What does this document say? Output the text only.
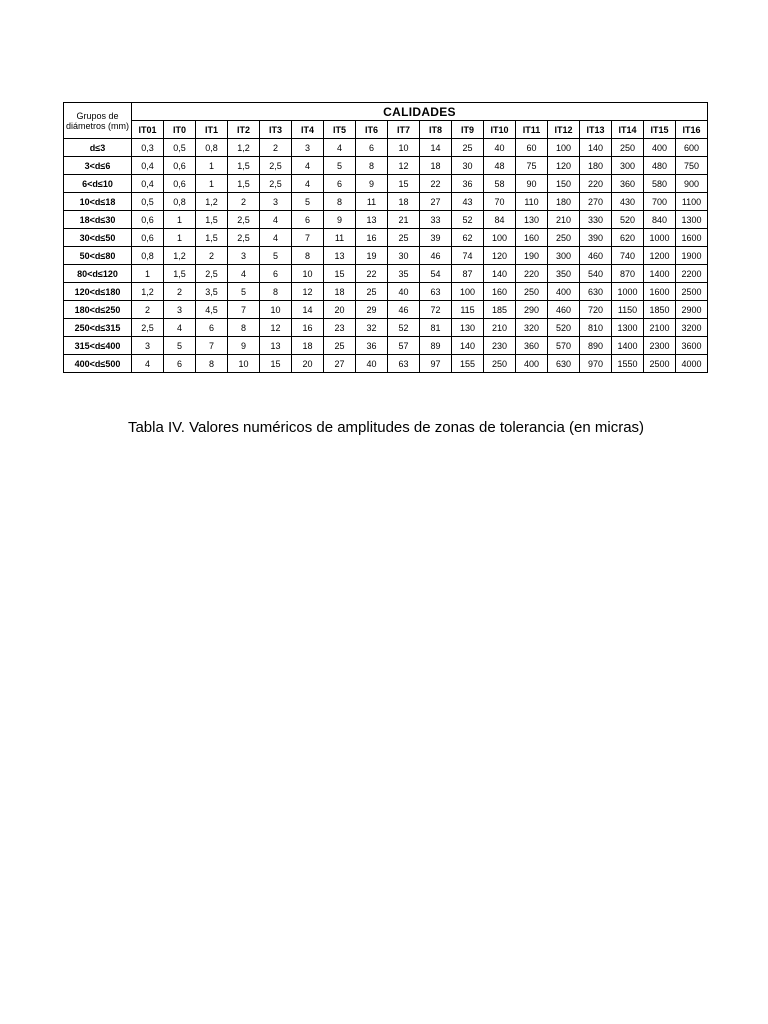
Grupos de diámetros (mm)	CALIDADES																	
	IT01	IT0	IT1	IT2	IT3	IT4	IT5	IT6	IT7	IT8	IT9	IT10	IT11	IT12	IT13	IT14	IT15	IT16
d≤3	0,3	0,5	0,8	1,2	2	3	4	6	10	14	25	40	60	100	140	250	400	600
3<d≤6	0,4	0,6	1	1,5	2,5	4	5	8	12	18	30	48	75	120	180	300	480	750
6<d≤10	0,4	0,6	1	1,5	2,5	4	6	9	15	22	36	58	90	150	220	360	580	900
10<d≤18	0,5	0,8	1,2	2	3	5	8	11	18	27	43	70	110	180	270	430	700	1100
18<d≤30	0,6	1	1,5	2,5	4	6	9	13	21	33	52	84	130	210	330	520	840	1300
30<d≤50	0,6	1	1,5	2,5	4	7	11	16	25	39	62	100	160	250	390	620	1000	1600
50<d≤80	0,8	1,2	2	3	5	8	13	19	30	46	74	120	190	300	460	740	1200	1900
80<d≤120	1	1,5	2,5	4	6	10	15	22	35	54	87	140	220	350	540	870	1400	2200
120<d≤180	1,2	2	3,5	5	8	12	18	25	40	63	100	160	250	400	630	1000	1600	2500
180<d≤250	2	3	4,5	7	10	14	20	29	46	72	115	185	290	460	720	1150	1850	2900
250<d≤315	2,5	4	6	8	12	16	23	32	52	81	130	210	320	520	810	1300	2100	3200
315<d≤400	3	5	7	9	13	18	25	36	57	89	140	230	360	570	890	1400	2300	3600
400<d≤500	4	6	8	10	15	20	27	40	63	97	155	250	400	630	970	1550	2500	4000
Tabla IV. Valores numéricos de amplitudes de zonas de tolerancia (en micras)
